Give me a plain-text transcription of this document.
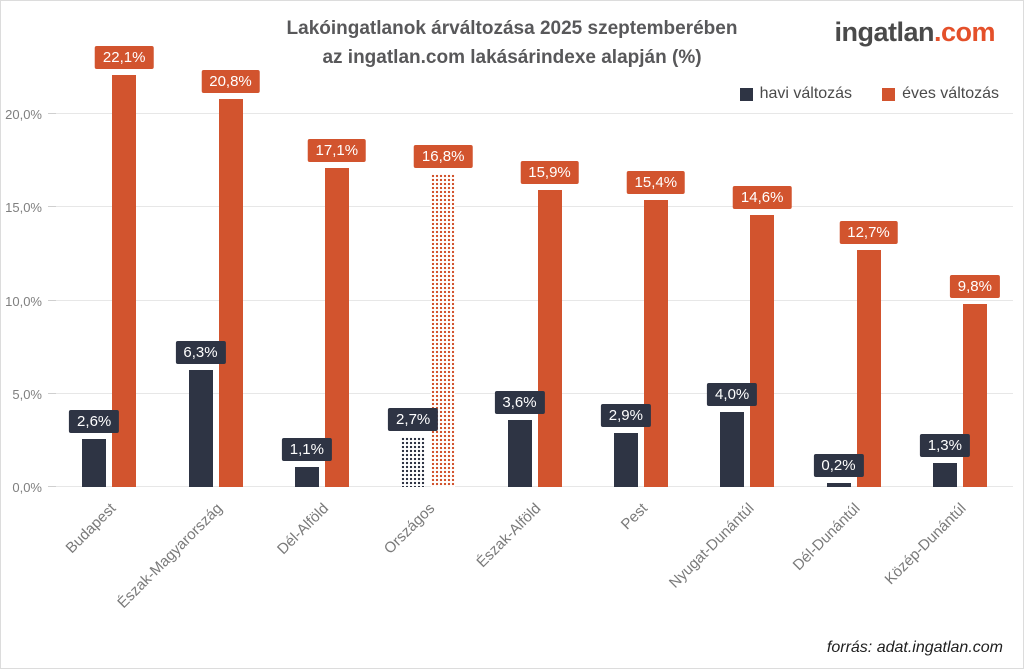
Lakóingatlanok árváltozása 2025 szeptemberében
az ingatlan.com lakásárindexe alapján (%)
ingatlan.com
0,0%
5,0%
10,0%
15,0%
20,0%
2,6%
22,1%
Budapest
6,3%
20,8%
Észak-Magyarország
1,1%
17,1%
Dél-Alföld
2,7%
16,8%
Országos
3,6%
15,9%
Észak-Alföld
2,9%
15,4%
Pest
4,0%
14,6%
Nyugat-Dunántúl
0,2%
12,7%
Dél-Dunántúl
1,3%
9,8%
Közép-Dunántúl
havi változás	éves változás
forrás: adat.ingatlan.com
